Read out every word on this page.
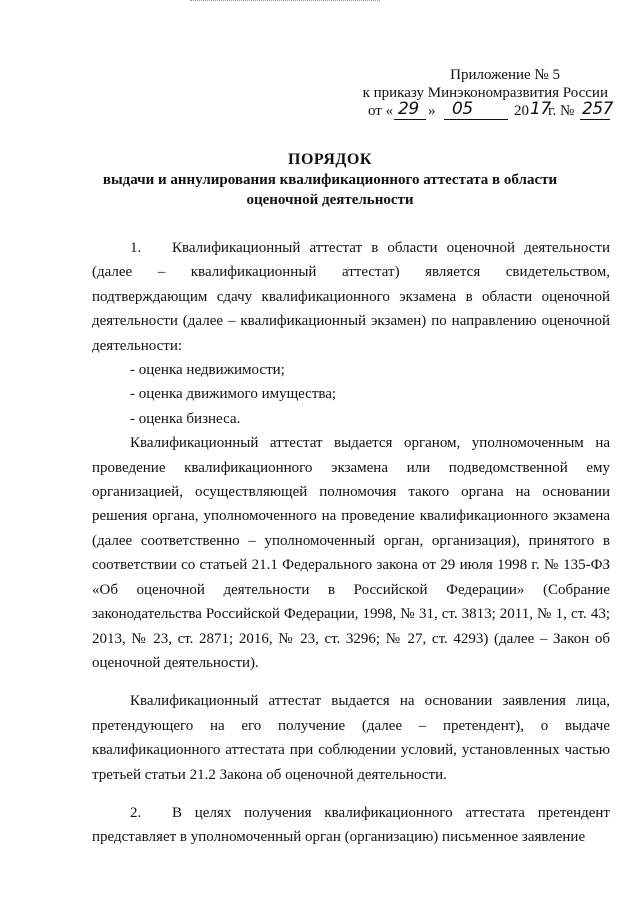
Приложение № 5
к приказу Минэкономразвития России
от « 29 » 05	20 17
г. № 257
ПОРЯДОК
выдачи и аннулирования квалификационного аттестата в области
оценочной деятельности

1. Квалификационный аттестат в области оценочной деятельности (далее – квалификационный аттестат) является свидетельством, подтверждающим сдачу квалификационного экзамена в области оценочной деятельности (далее – квалификационный экзамен) по направлению оценочной деятельности:

- оценка недвижимости;
- оценка движимого имущества;
- оценка бизнеса.

Квалификационный аттестат выдается органом, уполномоченным на проведение квалификационного экзамена или подведомственной ему организацией, осуществляющей полномочия такого органа на основании решения органа, уполномоченного на проведение квалификационного экзамена (далее соответственно – уполномоченный орган, организация), принятого в соответствии со статьей 21.1 Федерального закона от 29 июля 1998 г. № 135-ФЗ «Об оценочной деятельности в Российской Федерации» (Собрание законодательства Российской Федерации, 1998, № 31, ст. 3813; 2011, № 1, ст. 43; 2013, № 23, ст. 2871; 2016, № 23, ст. 3296; № 27, ст. 4293) (далее – Закон об оценочной деятельности).

Квалификационный аттестат выдается на основании заявления лица, претендующего на его получение (далее – претендент), о выдаче квалификационного аттестата при соблюдении условий, установленных частью третьей статьи 21.2 Закона об оценочной деятельности.

2. В целях получения квалификационного аттестата претендент представляет в уполномоченный орган (организацию) письменное заявление
